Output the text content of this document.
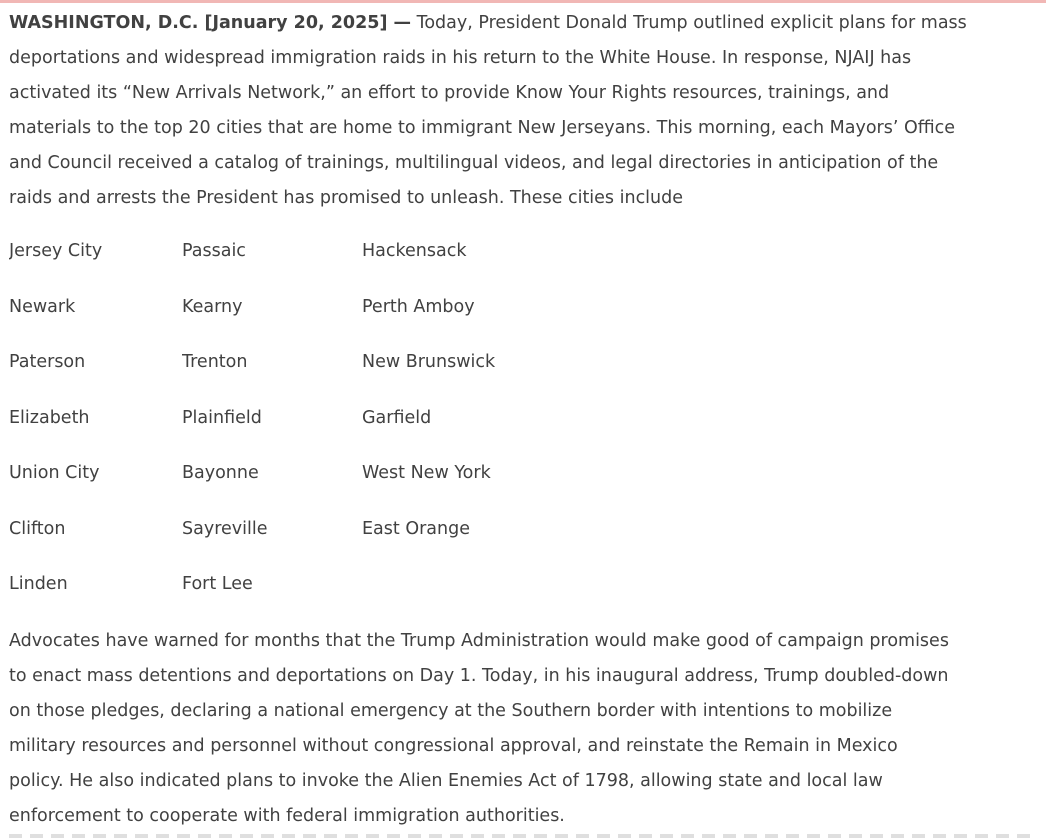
WASHINGTON, D.C. [January 20, 2025] — Today, President Donald Trump outlined explicit plans for mass
deportations and widespread immigration raids in his return to the White House. In response, NJAIJ has
activated its “New Arrivals Network,” an effort to provide Know Your Rights resources, trainings, and
materials to the top 20 cities that are home to immigrant New Jerseyans. This morning, each Mayors’ Office
and Council received a catalog of trainings, multilingual videos, and legal directories in anticipation of the
raids and arrests the President has promised to unleash. These cities include
Jersey City	Passaic	Hackensack
Newark	Kearny	Perth Amboy
Paterson	Trenton	New Brunswick
Elizabeth	Plainfield	Garfield
Union City	Bayonne	West New York
Clifton	Sayreville	East Orange
Linden	Fort Lee
Advocates have warned for months that the Trump Administration would make good of campaign promises
to enact mass detentions and deportations on Day 1. Today, in his inaugural address, Trump doubled-down
on those pledges, declaring a national emergency at the Southern border with intentions to mobilize
military resources and personnel without congressional approval, and reinstate the Remain in Mexico
policy. He also indicated plans to invoke the Alien Enemies Act of 1798, allowing state and local law
enforcement to cooperate with federal immigration authorities.
